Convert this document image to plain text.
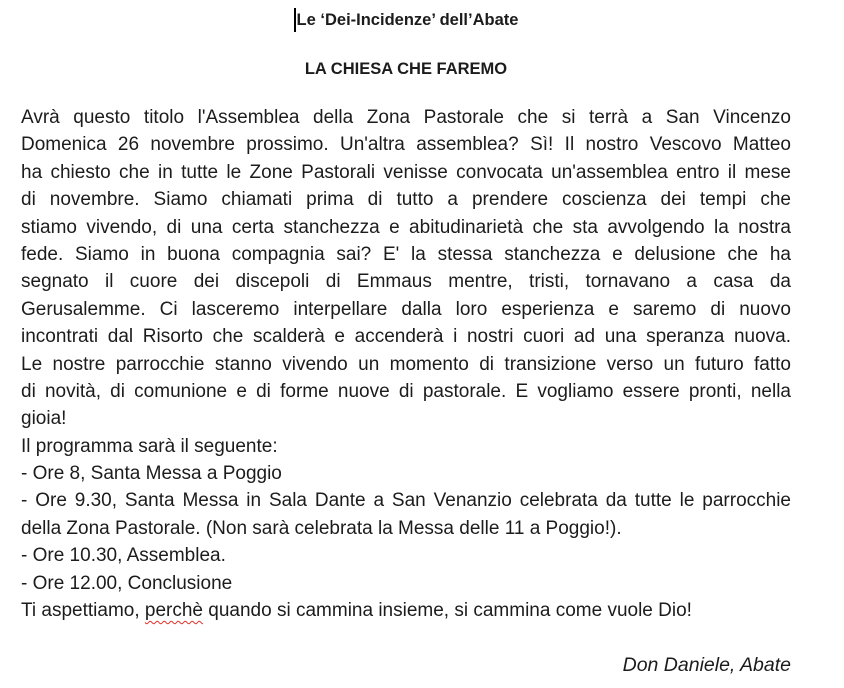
Le ‘Dei-Incidenze’ dell’Abate
LA CHIESA CHE FAREMO
Avrà questo titolo l'Assemblea della Zona Pastorale che si terrà a San Vincenzo
Domenica 26 novembre prossimo. Un'altra assemblea? Sì! Il nostro Vescovo Matteo
ha chiesto che in tutte le Zone Pastorali venisse convocata un'assemblea entro il mese
di novembre. Siamo chiamati prima di tutto a prendere coscienza dei tempi che
stiamo vivendo, di una certa stanchezza e abitudinarietà che sta avvolgendo la nostra
fede. Siamo in buona compagnia sai? E' la stessa stanchezza e delusione che ha
segnato il cuore dei discepoli di Emmaus mentre, tristi, tornavano a casa da
Gerusalemme. Ci lasceremo interpellare dalla loro esperienza e saremo di nuovo
incontrati dal Risorto che scalderà e accenderà i nostri cuori ad una speranza nuova.
Le nostre parrocchie stanno vivendo un momento di transizione verso un futuro fatto
di novità, di comunione e di forme nuove di pastorale. E vogliamo essere pronti, nella
gioia!
Il programma sarà il seguente:
- Ore 8, Santa Messa a Poggio
- Ore 9.30, Santa Messa in Sala Dante a San Venanzio celebrata da tutte le parrocchie
della Zona Pastorale. (Non sarà celebrata la Messa delle 11 a Poggio!).
- Ore 10.30, Assemblea.
- Ore 12.00, Conclusione
Ti aspettiamo, perchè quando si cammina insieme, si cammina come vuole Dio!
Don Daniele, Abate
